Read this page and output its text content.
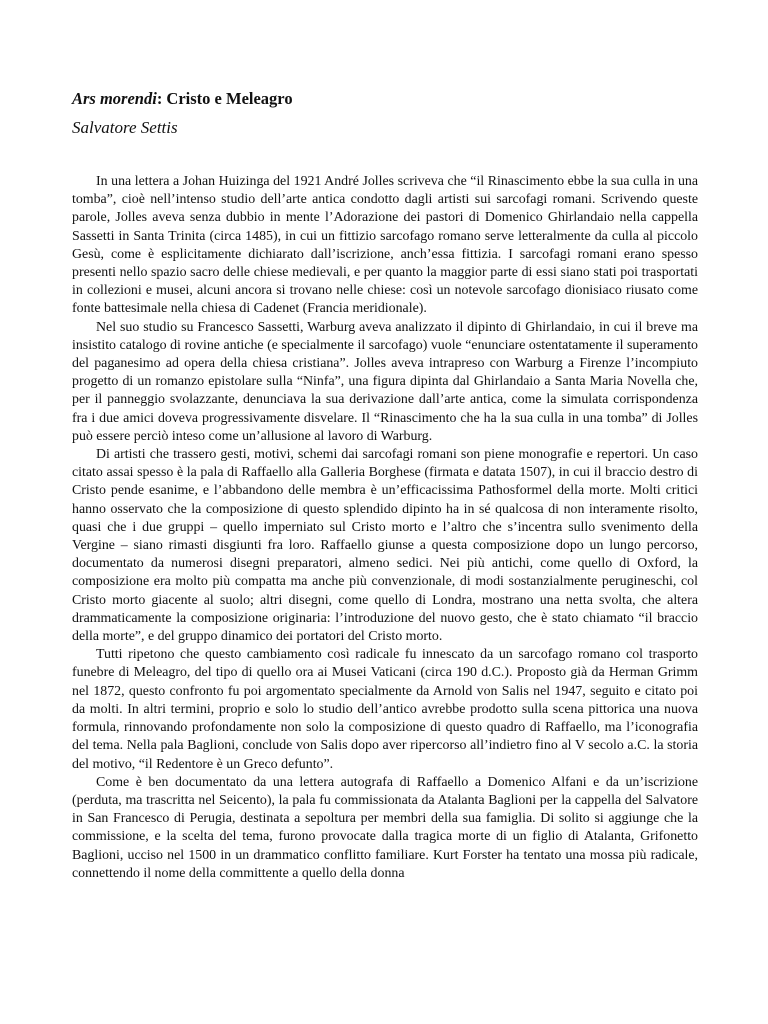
Ars morendi: Cristo e Meleagro
Salvatore Settis

In una lettera a Johan Huizinga del 1921 André Jolles scriveva che “il Rinascimento ebbe la sua culla in una tomba”, cioè nell’intenso studio dell’arte antica condotto dagli artisti sui sarcofagi romani. Scrivendo queste parole, Jolles aveva senza dubbio in mente l’Adorazione dei pastori di Domenico Ghirlandaio nella cappella Sassetti in Santa Trinita (circa 1485), in cui un fittizio sarcofago romano serve letteralmente da culla al piccolo Gesù, come è esplicitamente dichiarato dall’iscrizione, anch’essa fittizia. I sarcofagi romani erano spesso presenti nello spazio sacro delle chiese medievali, e per quanto la maggior parte di essi siano stati poi trasportati in collezioni e musei, alcuni ancora si trovano nelle chiese: così un notevole sarcofago dionisiaco riusato come fonte battesimale nella chiesa di Cadenet (Francia meridionale).

Nel suo studio su Francesco Sassetti, Warburg aveva analizzato il dipinto di Ghirlandaio, in cui il breve ma insistito catalogo di rovine antiche (e specialmente il sarcofago) vuole “enunciare ostentatamente il superamento del paganesimo ad opera della chiesa cristiana”. Jolles aveva intrapreso con Warburg a Firenze l’incompiuto progetto di un romanzo epistolare sulla “Ninfa”, una figura dipinta dal Ghirlandaio a Santa Maria Novella che, per il panneggio svolazzante, denunciava la sua derivazione dall’arte antica, come la simulata corrispondenza fra i due amici doveva progressivamente disvelare. Il “Rinascimento che ha la sua culla in una tomba” di Jolles può essere perciò inteso come un’allusione al lavoro di Warburg.

Di artisti che trassero gesti, motivi, schemi dai sarcofagi romani son piene monografie e repertori. Un caso citato assai spesso è la pala di Raffaello alla Galleria Borghese (firmata e datata 1507), in cui il braccio destro di Cristo pende esanime, e l’abbandono delle membra è un’efficacissima Pathosformel della morte. Molti critici hanno osservato che la composizione di questo splendido dipinto ha in sé qualcosa di non interamente risolto, quasi che i due gruppi – quello imperniato sul Cristo morto e l’altro che s’incentra sullo svenimento della Vergine – siano rimasti disgiunti fra loro. Raffaello giunse a questa composizione dopo un lungo percorso, documentato da numerosi disegni preparatori, almeno sedici. Nei più antichi, come quello di Oxford, la composizione era molto più compatta ma anche più convenzionale, di modi sostanzialmente perugineschi, col Cristo morto giacente al suolo; altri disegni, come quello di Londra, mostrano una netta svolta, che altera drammaticamente la composizione originaria: l’introduzione del nuovo gesto, che è stato chiamato “il braccio della morte”, e del gruppo dinamico dei portatori del Cristo morto.

Tutti ripetono che questo cambiamento così radicale fu innescato da un sarcofago romano col trasporto funebre di Meleagro, del tipo di quello ora ai Musei Vaticani (circa 190 d.C.). Proposto già da Herman Grimm nel 1872, questo confronto fu poi argomentato specialmente da Arnold von Salis nel 1947, seguito e citato poi da molti. In altri termini, proprio e solo lo studio dell’antico avrebbe prodotto sulla scena pittorica una nuova formula, rinnovando profondamente non solo la composizione di questo quadro di Raffaello, ma l’iconografia del tema. Nella pala Baglioni, conclude von Salis dopo aver ripercorso all’indietro fino al V secolo a.C. la storia del motivo, “il Redentore è un Greco defunto”.

Come è ben documentato da una lettera autografa di Raffaello a Domenico Alfani e da un’iscrizione (perduta, ma trascritta nel Seicento), la pala fu commissionata da Atalanta Baglioni per la cappella del Salvatore in San Francesco di Perugia, destinata a sepoltura per membri della sua famiglia. Di solito si aggiunge che la commissione, e la scelta del tema, furono provocate dalla tragica morte di un figlio di Atalanta, Grifonetto Baglioni, ucciso nel 1500 in un drammatico conflitto familiare. Kurt Forster ha tentato una mossa più radicale, connettendo il nome della committente a quello della donna
